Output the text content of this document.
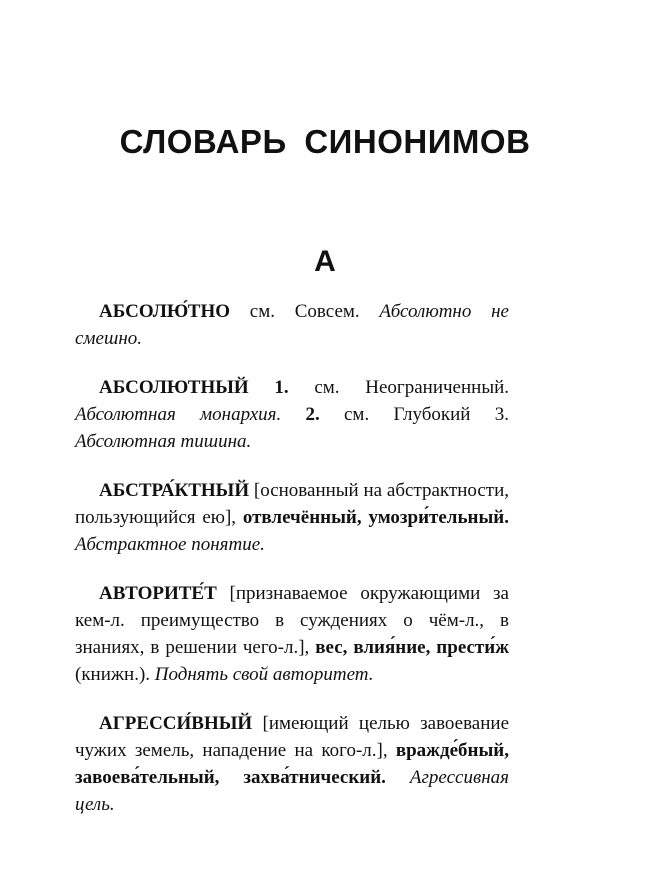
СЛОВАРЬ СИНОНИМОВ
А

АБСОЛЮ́ТНО см. Совсем. Абсолютно не смешно.

АБСОЛЮТНЫЙ 1. см. Неограниченный. Абсолютная монархия. 2. см. Глубокий 3. Абсолютная тишина.

АБСТРА́КТНЫЙ [основанный на абстрактности, пользующийся ею], отвлечённый, умозри́тельный. Абстрактное понятие.

АВТОРИТЕ́Т [признаваемое окружающими за кем-л. преимущество в суждениях о чём-л., в знаниях, в решении чего-л.], вес, влия́ние, прести́ж (книжн.). Поднять свой авторитет.

АГРЕССИ́ВНЫЙ [имеющий целью завоевание чужих земель, нападение на кого-л.], вражде́бный, завоева́тельный, захва́тнический. Агрессивная цель.
